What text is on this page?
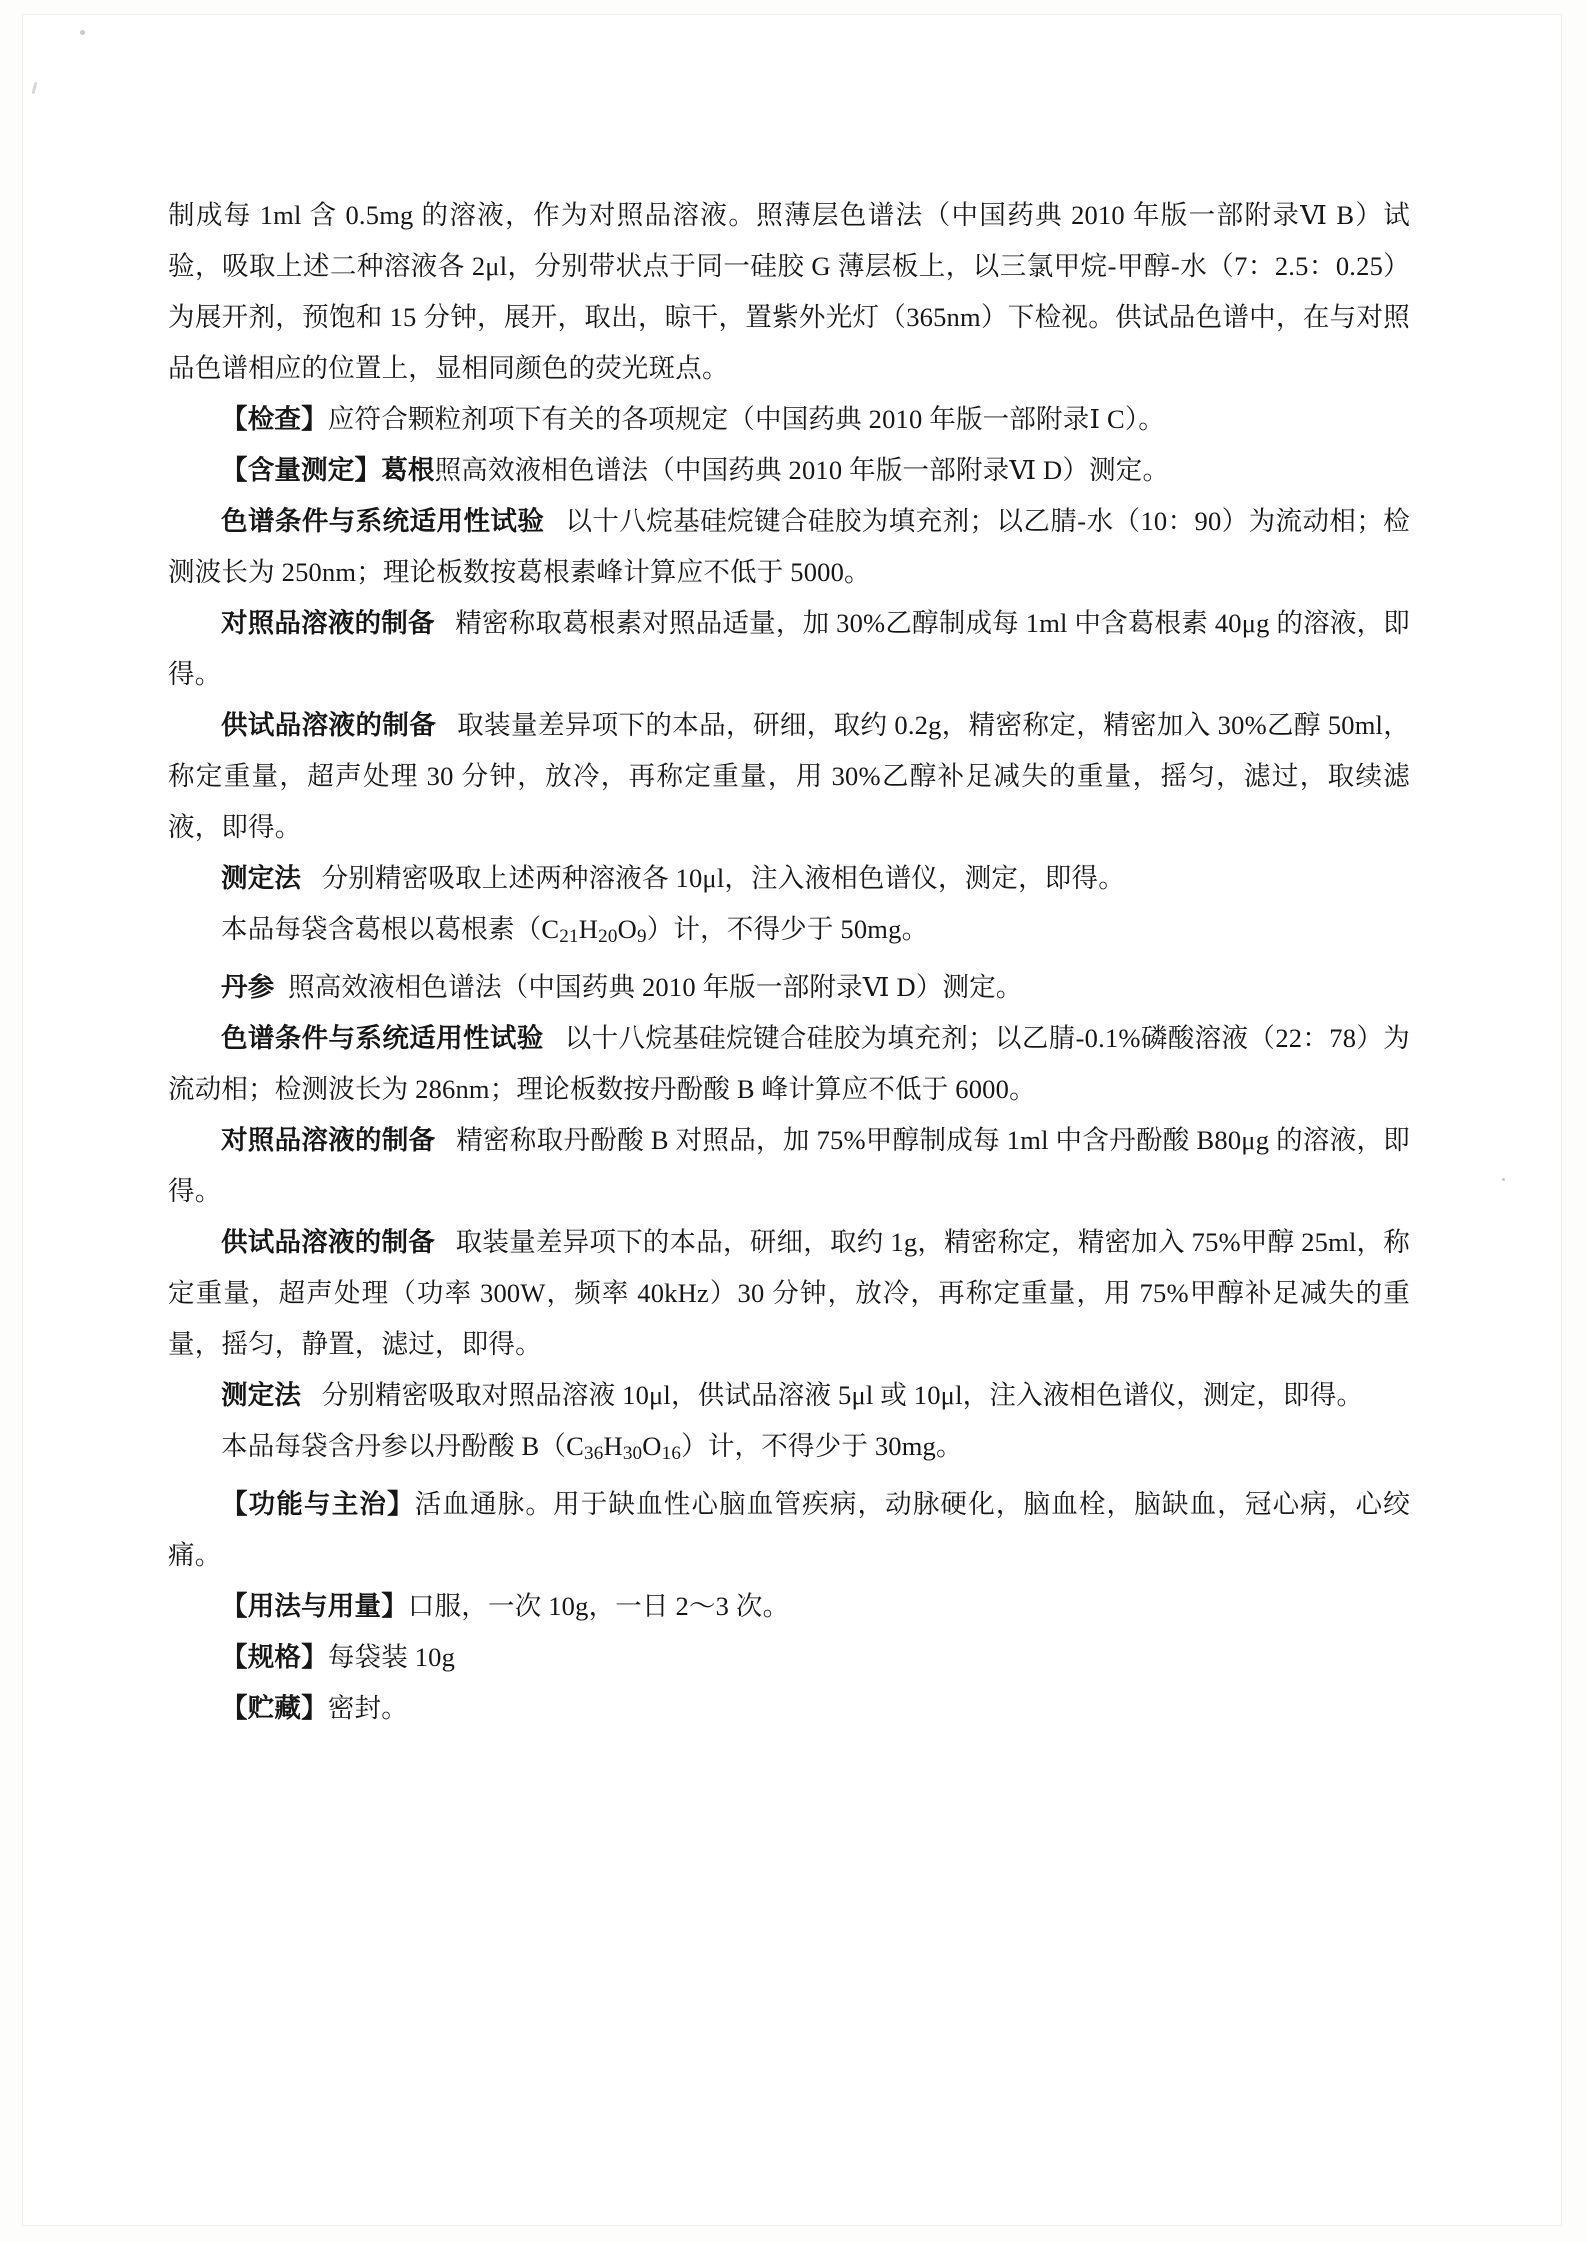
制成每 1ml 含 0.5mg 的溶液，作为对照品溶液。照薄层色谱法（中国药典 2010 年版一部附录Ⅵ B）试验，吸取上述二种溶液各 2μl，分别带状点于同一硅胶 G 薄层板上，以三氯甲烷-甲醇-水（7：2.5：0.25）为展开剂，预饱和 15 分钟，展开，取出，晾干，置紫外光灯（365nm）下检视。供试品色谱中，在与对照品色谱相应的位置上，显相同颜色的荧光斑点。

【检查】应符合颗粒剂项下有关的各项规定（中国药典 2010 年版一部附录Ⅰ C）。

【含量测定】葛根照高效液相色谱法（中国药典 2010 年版一部附录Ⅵ D）测定。

色谱条件与系统适用性试验 以十八烷基硅烷键合硅胶为填充剂；以乙腈-水（10：90）为流动相；检测波长为 250nm；理论板数按葛根素峰计算应不低于 5000。

对照品溶液的制备 精密称取葛根素对照品适量，加 30%乙醇制成每 1ml 中含葛根素 40μg 的溶液，即得。

供试品溶液的制备 取装量差异项下的本品，研细，取约 0.2g，精密称定，精密加入 30%乙醇 50ml，称定重量，超声处理 30 分钟，放冷，再称定重量，用 30%乙醇补足减失的重量，摇匀，滤过，取续滤液，即得。

测定法 分别精密吸取上述两种溶液各 10μl，注入液相色谱仪，测定，即得。

本品每袋含葛根以葛根素$(C_{21}H_{20}O_9)$计，不得少于 50mg。

丹参 照高效液相色谱法（中国药典 2010 年版一部附录Ⅵ D）测定。

色谱条件与系统适用性试验 以十八烷基硅烷键合硅胶为填充剂；以乙腈-0.1%磷酸溶液（22：78）为流动相；检测波长为 286nm；理论板数按丹酚酸 B 峰计算应不低于 6000。

对照品溶液的制备 精密称取丹酚酸 B 对照品，加 75%甲醇制成每 1ml 中含丹酚酸 B80μg 的溶液，即得。

供试品溶液的制备 取装量差异项下的本品，研细，取约 1g，精密称定，精密加入 75%甲醇 25ml，称定重量，超声处理（功率 300W，频率 40kHz）30 分钟，放冷，再称定重量，用 75%甲醇补足减失的重量，摇匀，静置，滤过，即得。

测定法 分别精密吸取对照品溶液 10μl，供试品溶液 5μl 或 10μl，注入液相色谱仪，测定，即得。

本品每袋含丹参以丹酚酸 $B(C_{36}H_{30}O_{16})$计，不得少于 30mg。

【功能与主治】活血通脉。用于缺血性心脑血管疾病，动脉硬化，脑血栓，脑缺血，冠心病，心绞痛。

【用法与用量】口服，一次 10g，一日 2～3 次。

【规格】每袋装 10g

【贮藏】密封。
